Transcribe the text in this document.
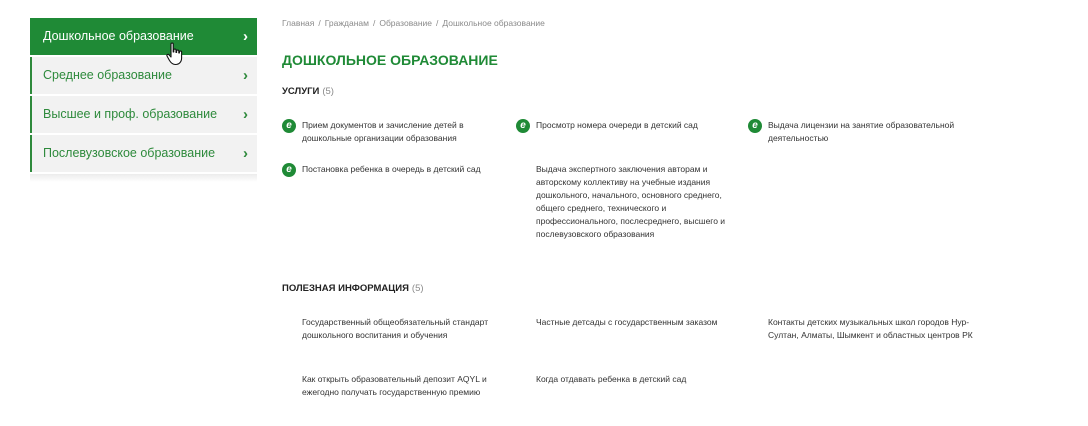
Дошкольное образование	›
Среднее образование	›
Высшее и проф. образование ›
Послевузовское образование ›
Главная / Гражданам / Образование / Дошкольное образование
ДОШКОЛЬНОЕ ОБРАЗОВАНИЕ
УСЛУГИ (5)
e	Прием документов и зачисление детей в дошкольные организации образования
e	Просмотр номера очереди в детский сад	e	Выдача лицензии на занятие образовательной деятельностью
e	Постановка ребенка в очередь в детский сад	Выдача экспертного заключения авторам и авторскому коллективу на учебные издания дошкольного, начального, основного среднего, общего среднего, технического и профессионального, послесреднего, высшего и послевузовского образования
ПОЛЕЗНАЯ ИНФОРМАЦИЯ (5)
Государственный общеобязательный стандарт дошкольного воспитания и обучения
Частные детсады с государственным заказом	Контакты детских музыкальных школ городов Нур-Султан, Алматы, Шымкент и областных центров РК
Как открыть образовательный депозит AQYL и ежегодно получать государственную премию
Когда отдавать ребенка в детский сад
